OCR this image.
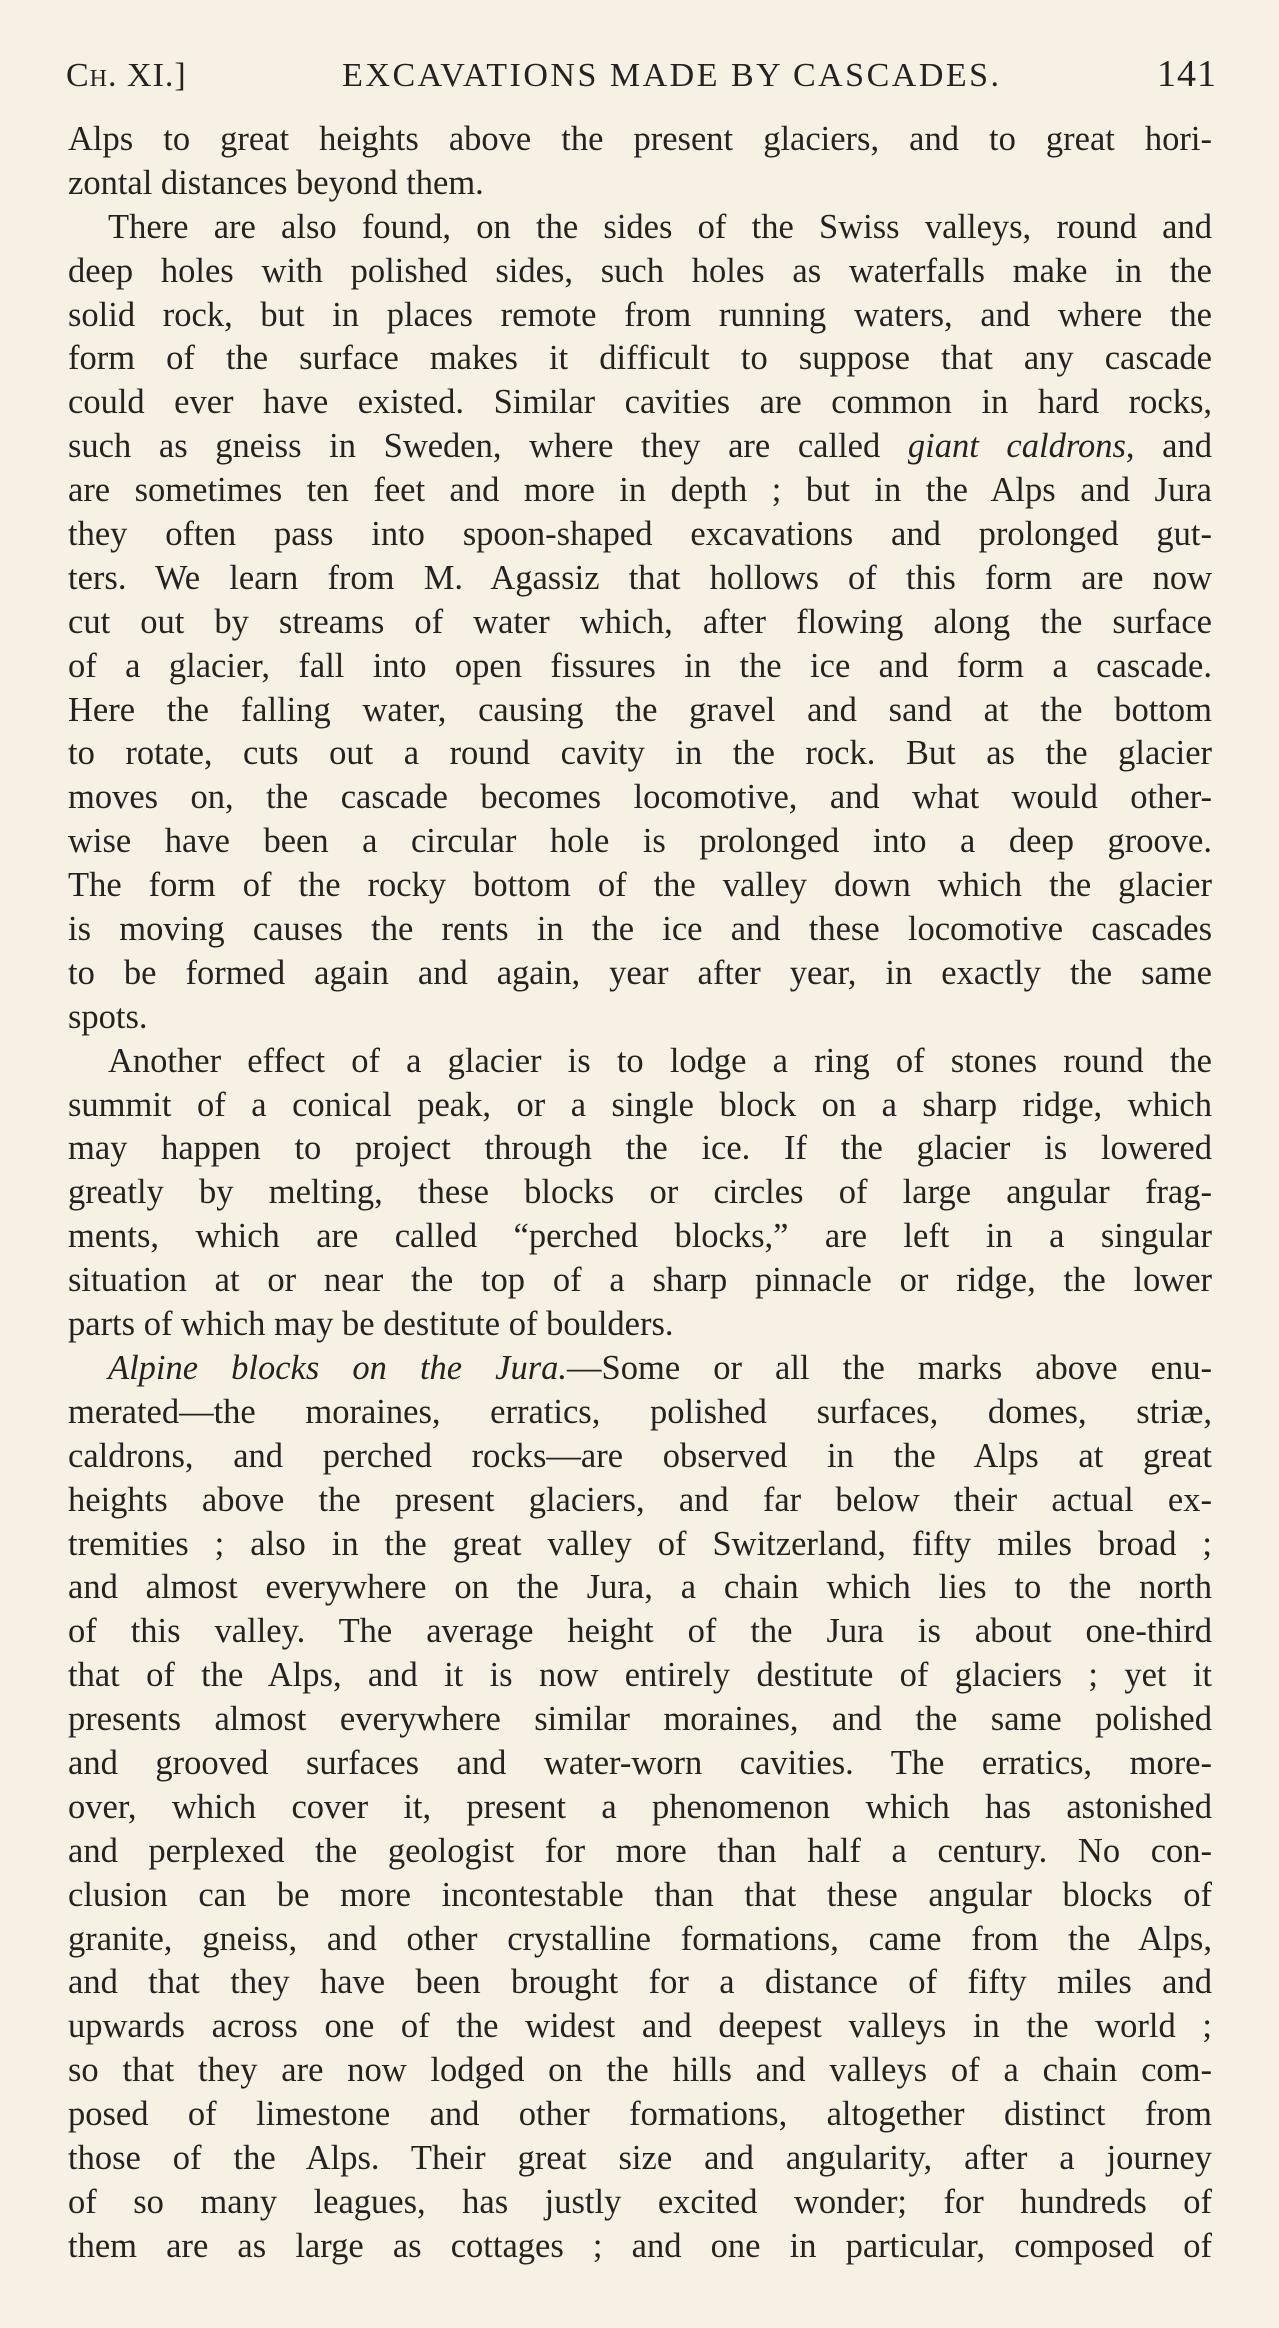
Ch. XI.]	EXCAVATIONS MADE BY CASCADES.	141
Alps to great heights above the present glaciers, and to great hori-
zontal distances beyond them.
There are also found, on the sides of the Swiss valleys, round and
deep holes with polished sides, such holes as waterfalls make in the
solid rock, but in places remote from running waters, and where the
form of the surface makes it difficult to suppose that any cascade
could ever have existed. Similar cavities are common in hard rocks,
such as gneiss in Sweden, where they are called giant caldrons, and
are sometimes ten feet and more in depth ; but in the Alps and Jura
they often pass into spoon-shaped excavations and prolonged gut-
ters. We learn from M. Agassiz that hollows of this form are now
cut out by streams of water which, after flowing along the surface
of a glacier, fall into open fissures in the ice and form a cascade.
Here the falling water, causing the gravel and sand at the bottom
to rotate, cuts out a round cavity in the rock. But as the glacier
moves on, the cascade becomes locomotive, and what would other-
wise have been a circular hole is prolonged into a deep groove.
The form of the rocky bottom of the valley down which the glacier
is moving causes the rents in the ice and these locomotive cascades
to be formed again and again, year after year, in exactly the same
spots.
Another effect of a glacier is to lodge a ring of stones round the
summit of a conical peak, or a single block on a sharp ridge, which
may happen to project through the ice. If the glacier is lowered
greatly by melting, these blocks or circles of large angular frag-
ments, which are called “perched blocks,” are left in a singular
situation at or near the top of a sharp pinnacle or ridge, the lower
parts of which may be destitute of boulders.
Alpine blocks on the Jura.—Some or all the marks above enu-
merated—the moraines, erratics, polished surfaces, domes, striæ,
caldrons, and perched rocks—are observed in the Alps at great
heights above the present glaciers, and far below their actual ex-
tremities ; also in the great valley of Switzerland, fifty miles broad ;
and almost everywhere on the Jura, a chain which lies to the north
of this valley. The average height of the Jura is about one-third
that of the Alps, and it is now entirely destitute of glaciers ; yet it
presents almost everywhere similar moraines, and the same polished
and grooved surfaces and water-worn cavities. The erratics, more-
over, which cover it, present a phenomenon which has astonished
and perplexed the geologist for more than half a century. No con-
clusion can be more incontestable than that these angular blocks of
granite, gneiss, and other crystalline formations, came from the Alps,
and that they have been brought for a distance of fifty miles and
upwards across one of the widest and deepest valleys in the world ;
so that they are now lodged on the hills and valleys of a chain com-
posed of limestone and other formations, altogether distinct from
those of the Alps. Their great size and angularity, after a journey
of so many leagues, has justly excited wonder; for hundreds of
them are as large as cottages ; and one in particular, composed of
